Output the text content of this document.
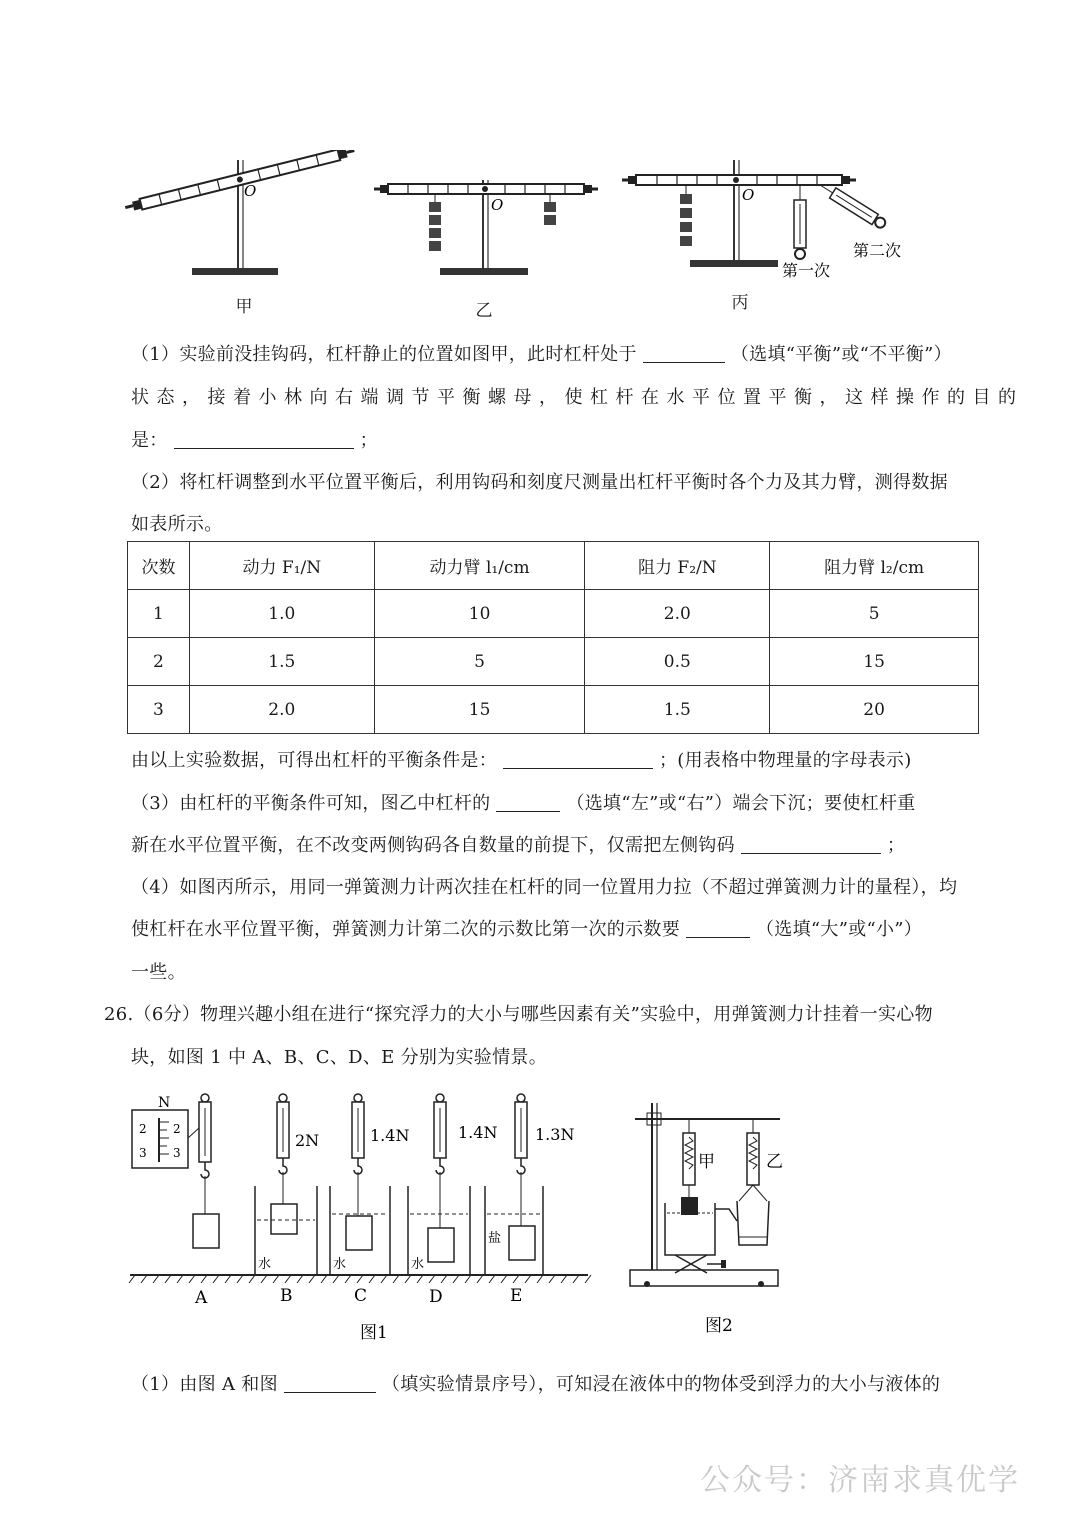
O
O
O
第二次
第一次
甲	乙	丙
（1）实验前没挂钩码，杠杆静止的位置如图甲，此时杠杆处于	（选填“平衡”或“不平衡”）
状态，接着小林向右端调节平衡螺母，使杠杆在水平位置平衡，这样操作的目的
是：	；
（2）将杠杆调整到水平位置平衡后，利用钩码和刻度尺测量出杠杆平衡时各个力及其力臂，测得数据
如表所示。
次数	动力 F₁/N	动力臂 l₁/cm	阻力 F₂/N	阻力臂 l₂/cm
1	1.0	10	2.0	5
2	1.5	5	0.5	15
3	2.0	15	1.5	20
由以上实验数据，可得出杠杆的平衡条件是：	；(用表格中物理量的字母表示)
（3）由杠杆的平衡条件可知，图乙中杠杆的	（选填“左”或“右”）端会下沉；要使杠杆重
新在水平位置平衡，在不改变两侧钩码各自数量的前提下，仅需把左侧钩码	；
（4）如图丙所示，用同一弹簧测力计两次挂在杠杆的同一位置用力拉（不超过弹簧测力计的量程），均
使杠杆在水平位置平衡，弹簧测力计第二次的示数比第一次的示数要	（选填“大”或“小”）
一些。
26.（6分）物理兴趣小组在进行“探究浮力的大小与哪些因素有关”实验中，用弹簧测力计挂着一实心物
块，如图 1 中 A、B、C、D、E 分别为实验情景。
N
2
3
2
3
2N
水
1.4N
水
1.4N
水
1.3N
盐
A	B	C	D	E
图1
甲	乙
图2
（1）由图 A 和图	（填实验情景序号），可知浸在液体中的物体受到浮力的大小与液体的
公众号：济南求真优学
